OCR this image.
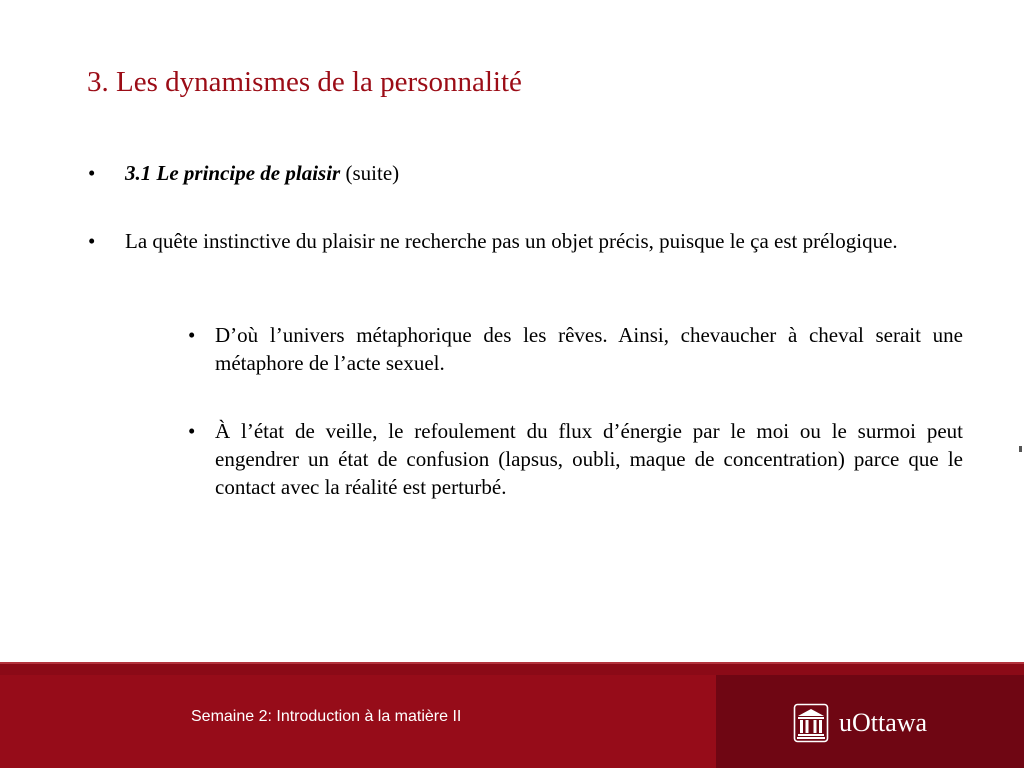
3. Les dynamismes de la personnalité
• 3.1 Le principe de plaisir (suite)
• La quête instinctive du plaisir ne recherche pas un objet précis, puisque le ça est prélogique.
• D’où l’univers métaphorique des les rêves. Ainsi, chevaucher à cheval serait une métaphore de l’acte sexuel.
• À l’état de veille, le refoulement du flux d’énergie par le moi ou le surmoi peut engendrer un état de confusion (lapsus, oubli, maque de concentration) parce que le contact avec la réalité est perturbé.
Semaine 2: Introduction à la matière II	uOttawa
